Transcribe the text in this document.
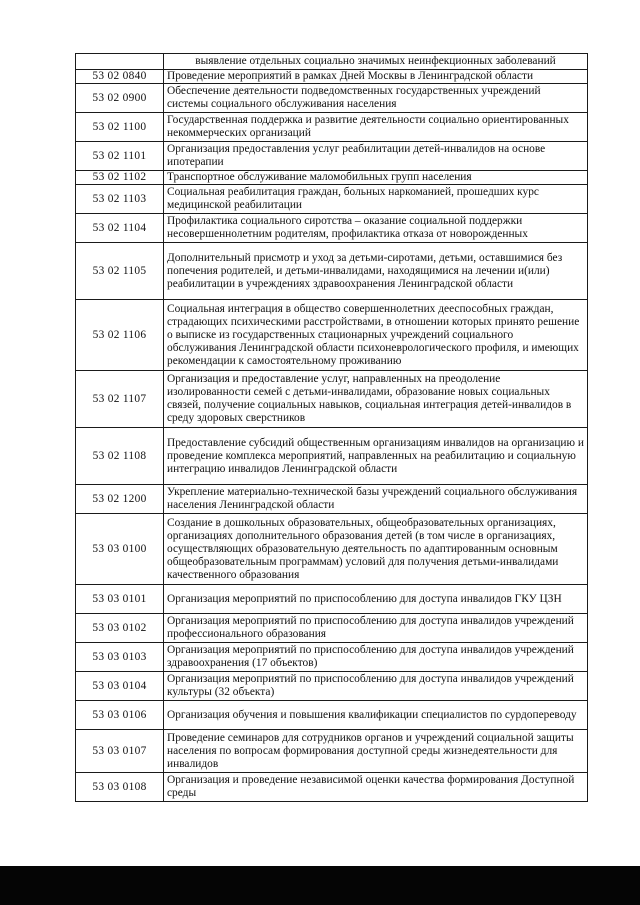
	выявление отдельных социально значимых неинфекционных заболеваний
53 02 0840	Проведение мероприятий в рамках Дней Москвы в Ленинградской области
53 02 0900	Обеспечение деятельности подведомственных государственных учреждений системы социального обслуживания населения
53 02 1100	Государственная поддержка и развитие деятельности социально ориентированных некоммерческих организаций
53 02 1101	Организация предоставления услуг реабилитации детей-инвалидов на основе ипотерапии
53 02 1102	Транспортное обслуживание маломобильных групп населения
53 02 1103	Социальная реабилитация граждан, больных наркоманией, прошедших курс медицинской реабилитации
53 02 1104	Профилактика социального сиротства – оказание социальной поддержки несовершеннолетним родителям, профилактика отказа от новорожденных
53 02 1105	Дополнительный присмотр и уход за детьми-сиротами, детьми, оставшимися без попечения родителей, и детьми-инвалидами, находящимися на лечении и(или) реабилитации в учреждениях здравоохранения Ленинградской области
53 02 1106	Социальная интеграция в общество совершеннолетних дееспособных граждан, страдающих психическими расстройствами, в отношении которых принято решение о выписке из государственных стационарных учреждений социального обслуживания Ленинградской области психоневрологического профиля, и имеющих рекомендации к самостоятельному проживанию
53 02 1107	Организация и предоставление услуг, направленных на преодоление изолированности семей с детьми-инвалидами, образование новых социальных связей, получение социальных навыков, социальная интеграция детей-инвалидов в среду здоровых сверстников
53 02 1108	Предоставление субсидий общественным организациям инвалидов на организацию и проведение комплекса мероприятий, направленных на реабилитацию и социальную интеграцию инвалидов Ленинградской области
53 02 1200	Укрепление материально-технической базы учреждений социального обслуживания населения Ленинградской области
53 03 0100	Создание в дошкольных образовательных, общеобразовательных организациях, организациях дополнительного образования детей (в том числе в организациях, осуществляющих образовательную деятельность по адаптированным основным общеобразовательным программам) условий для получения детьми-инвалидами качественного образования
53 03 0101	Организация мероприятий по приспособлению для доступа инвалидов ГКУ ЦЗН
53 03 0102	Организация мероприятий по приспособлению для доступа инвалидов учреждений профессионального образования
53 03 0103	Организация мероприятий по приспособлению для доступа инвалидов учреждений здравоохранения (17 объектов)
53 03 0104	Организация мероприятий по приспособлению для доступа инвалидов учреждений культуры (32 объекта)
53 03 0106	Организация обучения и повышения квалификации специалистов по сурдопереводу
53 03 0107	Проведение семинаров для сотрудников органов и учреждений социальной защиты населения по вопросам формирования доступной среды жизнедеятельности для инвалидов
53 03 0108	Организация и проведение независимой оценки качества формирования Доступной среды
